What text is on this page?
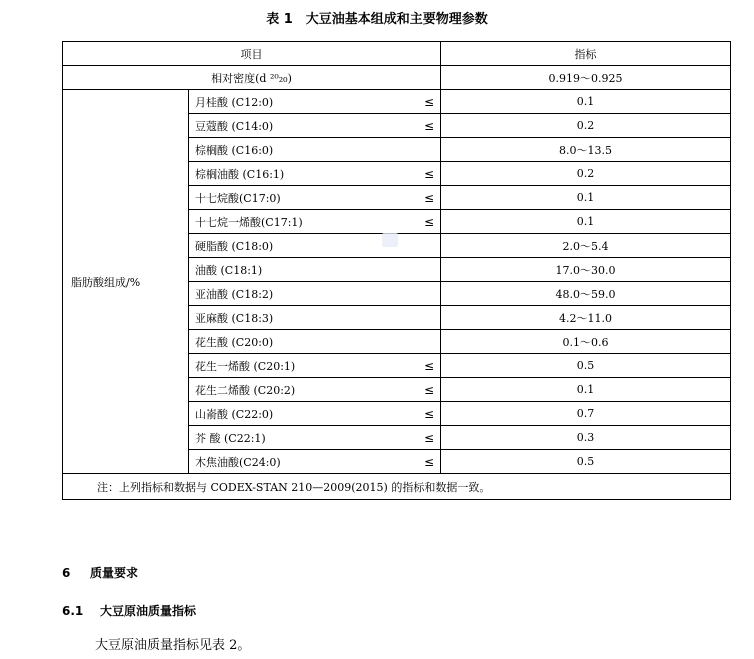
表 1　大豆油基本组成和主要物理参数
项目		指标
相对密度(d ²⁰₂₀)		0.919～0.925
脂肪酸组成/%	月桂酸 (C12:0) ≤	0.1

	豆蔻酸 (C14:0) ≤	0.2

	棕榈酸 (C16:0)	8.0～13.5

	棕榈油酸 (C16:1) ≤	0.2

	十七烷酸(C17:0) ≤	0.1

	十七烷一烯酸(C17:1) ≤	0.1

	硬脂酸 (C18:0)	2.0～5.4

	油酸 (C18:1)	17.0～30.0

	亚油酸 (C18:2)	48.0～59.0

	亚麻酸 (C18:3)	4.2～11.0

	花生酸 (C20:0)	0.1～0.6

	花生一烯酸 (C20:1) ≤	0.5

	花生二烯酸 (C20:2) ≤	0.1

	山嵛酸 (C22:0) ≤	0.7

	芥 酸 (C22:1) ≤	0.3

	木焦油酸(C24:0) ≤	0.5
注：上列指标和数据与 CODEX-STAN 210—2009(2015) 的指标和数据一致。		
6 质量要求
6.1 大豆原油质量指标
大豆原油质量指标见表 2。
